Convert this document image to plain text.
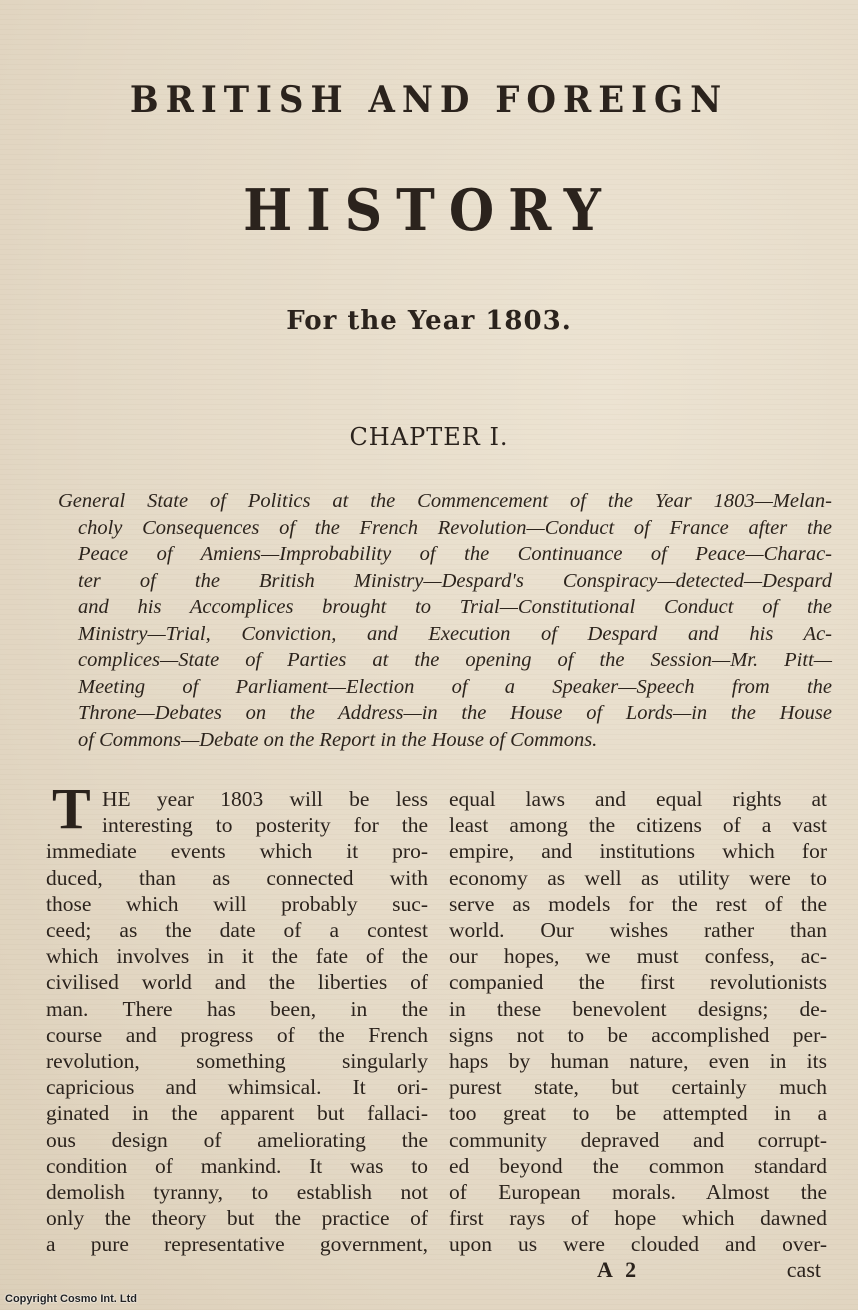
BRITISH AND FOREIGN
HISTORY
For the Year 1803.
CHAPTER I.
General State of Politics at the Commencement of the Year 1803—Melan-
choly Consequences of the French Revolution—Conduct of France after the
Peace of Amiens—Improbability of the Continuance of Peace—Charac-
ter of the British Ministry—Despard's Conspiracy—detected—Despard
and his Accomplices brought to Trial—Constitutional Conduct of the
Ministry—Trial, Conviction, and Execution of Despard and his Ac-
complices—State of Parties at the opening of the Session—Mr. Pitt—
Meeting of Parliament—Election of a Speaker—Speech from the
Throne—Debates on the Address—in the House of Lords—in the House
of Commons—Debate on the Report in the House of Commons.
T HE year 1803 will be less
interesting to posterity for the
immediate events which it pro-
duced, than as connected with
those which will probably suc-
ceed; as the date of a contest
which involves in it the fate of the
civilised world and the liberties of
man. There has been, in the
course and progress of the French
revolution, something singularly
capricious and whimsical. It ori-
ginated in the apparent but fallaci-
ous design of ameliorating the
condition of mankind. It was to
demolish tyranny, to establish not
only the theory but the practice of
a pure representative government,
equal laws and equal rights at
least among the citizens of a vast
empire, and institutions which for
economy as well as utility were to
serve as models for the rest of the
world. Our wishes rather than
our hopes, we must confess, ac-
companied the first revolutionists
in these benevolent designs; de-
signs not to be accomplished per-
haps by human nature, even in its
purest state, but certainly much
too great to be attempted in a
community depraved and corrupt-
ed beyond the common standard
of European morals. Almost the
first rays of hope which dawned
upon us were clouded and over-
A 2	cast
Copyright Cosmo Int. Ltd
